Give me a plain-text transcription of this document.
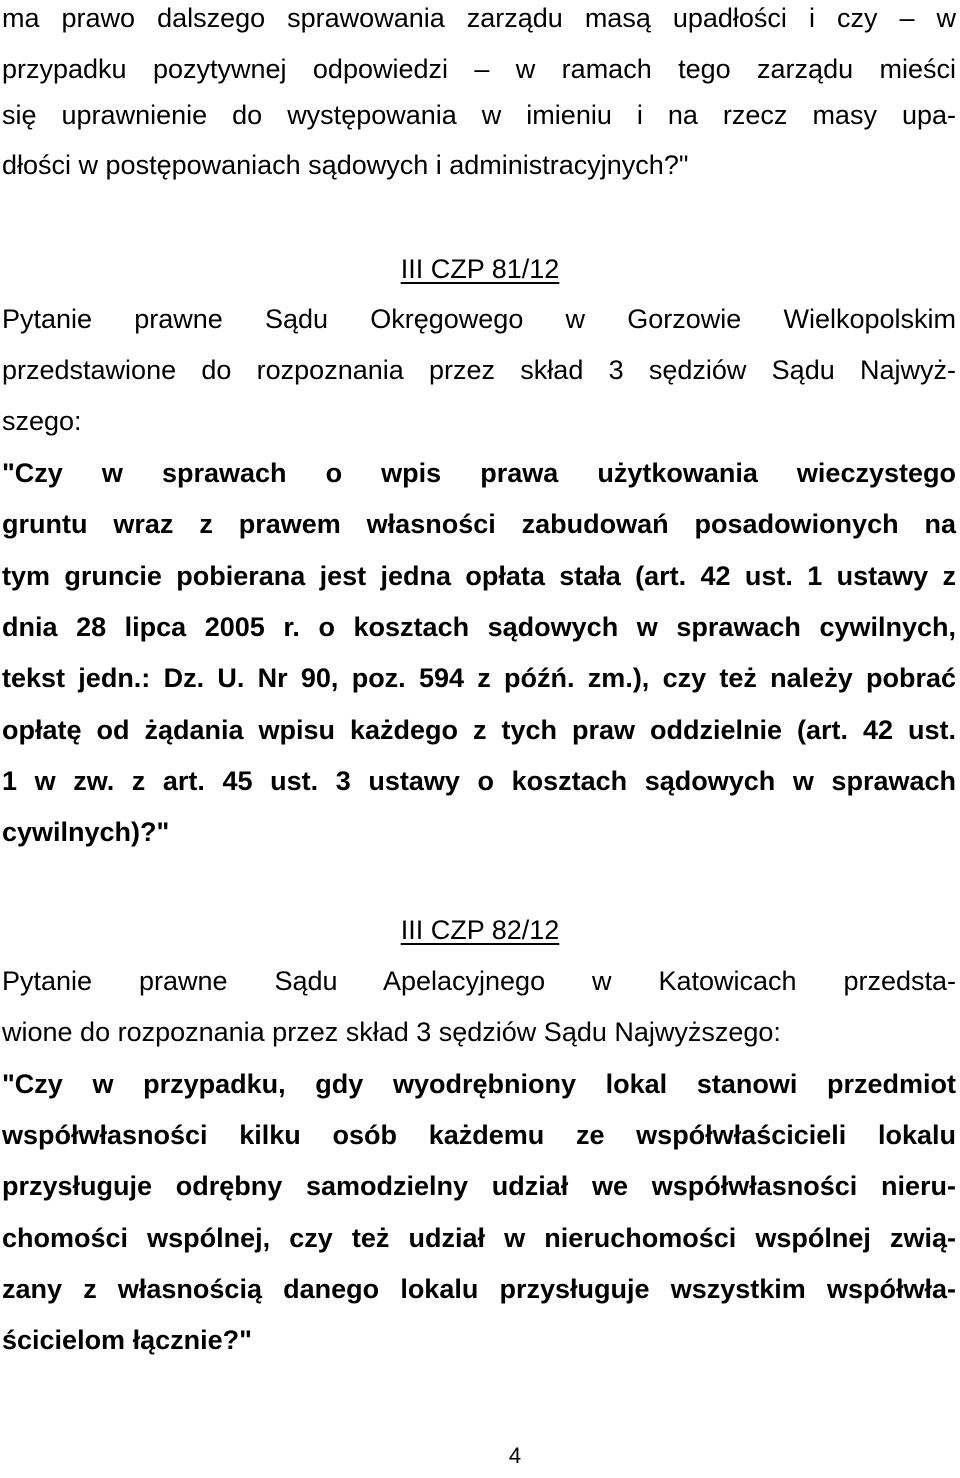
ma prawo dalszego sprawowania zarządu masą upadłości i czy – w
przypadku pozytywnej odpowiedzi – w ramach tego zarządu mieści
się uprawnienie do występowania w imieniu i na rzecz masy upa-
dłości w postępowaniach sądowych i administracyjnych?"
III CZP 81/12
Pytanie prawne Sądu Okręgowego w Gorzowie Wielkopolskim
przedstawione do rozpoznania przez skład 3 sędziów Sądu Najwyż-
szego:
"Czy w sprawach o wpis prawa użytkowania wieczystego
gruntu wraz z prawem własności zabudowań posadowionych na
tym gruncie pobierana jest jedna opłata stała (art. 42 ust. 1 ustawy z
dnia 28 lipca 2005 r. o kosztach sądowych w sprawach cywilnych,
tekst jedn.: Dz. U. Nr 90, poz. 594 z późń. zm.), czy też należy pobrać
opłatę od żądania wpisu każdego z tych praw oddzielnie (art. 42 ust.
1 w zw. z art. 45 ust. 3 ustawy o kosztach sądowych w sprawach
cywilnych)?"
III CZP 82/12
Pytanie prawne Sądu Apelacyjnego w Katowicach przedsta-
wione do rozpoznania przez skład 3 sędziów Sądu Najwyższego:
"Czy w przypadku, gdy wyodrębniony lokal stanowi przedmiot
współwłasności kilku osób każdemu ze współwłaścicieli lokalu
przysługuje odrębny samodzielny udział we współwłasności nieru-
chomości wspólnej, czy też udział w nieruchomości wspólnej zwią-
zany z własnością danego lokalu przysługuje wszystkim współwła-
ścicielom łącznie?"
4
